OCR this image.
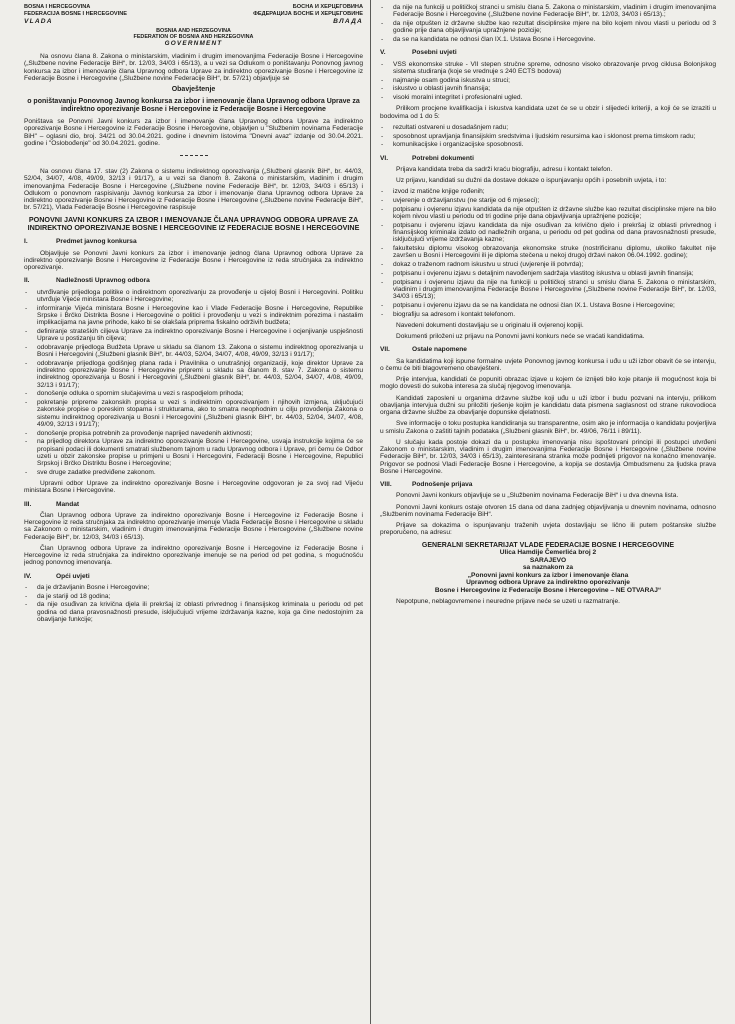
BOSNA I HERCEGOVINA
FEDERACIJA BOSNE I HERCEGOVINE
VLADA
БОСНА И ХЕРЦЕГОВИНА
ФЕДЕРАЦИЈА БОСНЕ И ХЕРЦЕГОВИНЕ
ВЛАДА
BOSNIA AND HERZEGOVINA
FEDERATION OF BOSNIA AND HERZEGOVINA
GOVERNMENT

Na osnovu člana 8. Zakona o ministarskim, vladinim i drugim imenovanjima Federacije Bosne i Hercegovine („Službene novine Federacije BiH“, br. 12/03, 34/03 i 65/13), a u vezi sa Odlukom o poništavanju Ponovnog javnog konkursa za izbor i imenovanje člana Upravnog odbora Uprave za indirektno oporezivanje Bosne i Hercegovine iz Federacije Bosne i Hercegovine („Službene novine Federacije BiH“, br. 57/21) objavljuje se

Obavještenje
o poništavanju Ponovnog Javnog konkursa za izbor i imenovanje člana Upravnog odbora Uprave za indirektno oporezivanje Bosne i Hercegovine iz Federacije Bosne i Hercegovine

Poništava se Ponovni Javni konkurs za izbor i imenovanje člana Upravnog odbora Uprave za indirektno oporezivanje Bosne i Hercegovine iz Federacije Bosne i Hercegovine, objavljen u "Službenim novinama Federacije BiH" – oglasni dio, broj. 34/21 od 30.04.2021. godine i dnevnim listovima "Dnevni avaz" izdanje od 30.04.2021. godine i "Oslobođenje" od 30.04.2021. godine.

Na osnovu člana 17. stav (2) Zakona o sistemu indirektnog oporezivanja („Službeni glasnik BiH“, br. 44/03, 52/04, 34/07, 4/08, 49/09, 32/13 i 91/17), a u vezi sa članom 8. Zakona o ministarskim, vladinim i drugim imenovanjima Federacije Bosne i Hercegovine („Službene novine Federacije BiH“, br. 12/03, 34/03 i 65/13) i Odlukom o ponovnom raspisivanju Javnog konkursa za izbor i imenovanje člana Upravnog odbora Uprave za indirektno oporezivanje Bosne i Hercegovine iz Federacije Bosne i Hercegovine („Službene novine Federacije BiH“, br. 57/21), Vlada Federacije Bosne i Hercegovine raspisuje

PONOVNI JAVNI KONKURS ZA IZBOR I IMENOVANJE ČLANA UPRAVNOG ODBORA UPRAVE ZA INDIREKTNO OPOREZIVANJE BOSNE I HERCEGOVINE IZ FEDERACIJE BOSNE I HERCEGOVINE
I.	Predmet javnog konkursa

Objavljuje se Ponovni Javni konkurs za izbor i imenovanje jednog člana Upravnog odbora Uprave za indirektno oporezivanje Bosne i Hercegovine iz Federacije Bosne i Hercegovine iz reda stručnjaka za indirektno oporezivanje.

II.	Nadležnosti Upravnog odbora
- utvrđivanje prijedloga politike o indirektnom oporezivanju za provođenje u cijeloj Bosni i Hercegovini. Politiku utvrđuje Vijeće ministara Bosne i Hercegovine;
- informiranje Vijeća ministara Bosne i Hercegovine kao i Vlade Federacije Bosne i Hercegovine, Republike Srpske i Brčko Distrikta Bosne i Hercegovine o politici i provođenju u vezi s indirektnim porezima i nastalim implikacijama na javne prihode, kako bi se olakšala priprema fiskalno održivih budžeta;
- definiranje strateških ciljeva Uprave za indirektno oporezivanje Bosne i Hercegovine i ocjenjivanje uspješnosti Uprave u postizanju tih ciljeva;
- odobravanje prijedloga Budžeta Uprave u skladu sa članom 13. Zakona o sistemu indirektnog oporezivanja u Bosni i Hercegovini („Službeni glasnik BiH“, br. 44/03, 52/04, 34/07, 4/08, 49/09, 32/13 i 91/17);
- odobravanje prijedloga godišnjeg plana rada i Pravilnika o unutrašnjoj organizaciji, koje direktor Uprave za indirektno oporezivanje Bosne i Hercegovine pripremi u skladu sa članom 8. stav 7. Zakona o sistemu indirektnog oporezivanja u Bosni i Hercegovini („Službeni glasnik BiH“, br. 44/03, 52/04, 34/07, 4/08, 49/09, 32/13 i 91/17);
- donošenje odluka o spornim slučajevima u vezi s raspodjelom prihoda;
- pokretanje pripreme zakonskih propisa u vezi s indirektnim oporezivanjem i njihovih izmjena, uključujući zakonske propise o poreskim stopama i strukturama, ako to smatra neophodnim u cilju provođenja Zakona o sistemu indirektnog oporezivanja u Bosni i Hercegovini („Službeni glasnik BiH“, br. 44/03, 52/04, 34/07, 4/08, 49/09, 32/13 i 91/17);
- donošenje propisa potrebnih za provođenje naprijed navedenih aktivnosti;
- na prijedlog direktora Uprave za indirektno oporezivanje Bosne i Hercegovine, usvaja instrukcije kojima će se propisani podaci ili dokumenti smatrati službenom tajnom u radu Upravnog odbora i Uprave, pri čemu će Odbor uzeti u obzir zakonske propise u primjeni u Bosni i Hercegovini, Federaciji Bosne i Hercegovine, Republici Srpskoj i Brčko Distriktu Bosne i Hercegovine;
- sve druge zadatke predviđene zakonom.

Upravni odbor Uprave za indirektno oporezivanje Bosne i Hercegovine odgovoran je za svoj rad Vijeću ministara Bosne i Hercegovine.

III.	Mandat

Član Upravnog odbora Uprave za indirektno oporezivanje Bosne i Hercegovine iz Federacije Bosne i Hercegovine iz reda stručnjaka za indirektno oporezivanje imenuje Vlada Federacije Bosne i Hercegovine u skladu sa Zakonom o ministarskim, vladinim i drugim imenovanjima Federacije Bosne i Hercegovine („Službene novine Federacije BiH“, br. 12/03, 34/03 i 65/13).

Član Upravnog odbora Uprave za indirektno oporezivanje Bosne i Hercegovine iz Federacije Bosne i Hercegovine iz reda stručnjaka za indirektno oporezivanje imenuje se na period od pet godina, s mogućnošću jednog ponovnog imenovanja.

IV.	Opći uvjeti
- da je državljanin Bosne i Hercegovine;
- da je stariji od 18 godina;
- da nije osuđivan za krivična djela ili prekršaj iz oblasti privrednog i finansijskog kriminala u periodu od pet godina od dana pravosnažnosti presude, isključujući vrijeme izdržavanja kazne, koja ga čine nedostojnim za obavljanje funkcije;
- da nije na funkciji u političkoj stranci u smislu člana 5. Zakona o ministarskim, vladinim i drugim imenovanjima Federacije Bosne i Hercegovine („Službene novine Federacije BiH“, br. 12/03, 34/03 i 65/13).;
- da nije otpušten iz državne službe kao rezultat disciplinske mjere na bilo kojem nivou vlasti u periodu od 3 godine prije dana objavljivanja upražnjene pozicije;
- da se na kandidata ne odnosi član IX.1. Ustava Bosne i Hercegovine.
V.	Posebni uvjeti
- VSS ekonomske struke - VII stepen stručne spreme, odnosno visoko obrazovanje prvog ciklusa Bolonjskog sistema studiranja (koje se vrednuje s 240 ECTS bodova)
- najmanje osam godina iskustva u struci;
- iskustvo u oblasti javnih finansija;
- visoki moralni integritet i profesionalni ugled.

Prilikom procjene kvalifikacija i iskustva kandidata uzet će se u obzir i slijedeći kriteriji, a koji će se izraziti u bodovima od 1 do 5:

- rezultati ostvareni u dosadašnjem radu;
- sposobnost upravljanja finansijskim sredstvima i ljudskim resursima kao i sklonost prema timskom radu;
- komunikacijske i organizacijske sposobnosti.
VI.	Potrebni dokumenti

Prijava kandidata treba da sadrži kraću biografiju, adresu i kontakt telefon.

Uz prijavu, kandidati su dužni da dostave dokaze o ispunjavanju općih i posebnih uvjeta, i to:

- izvod iz matične knjige rođenih;
- uvjerenje o državljanstvu (ne starije od 6 mjeseci);
- potpisanu i ovjerenu izjavu kandidata da nije otpušten iz državne službe kao rezultat disciplinske mjere na bilo kojem nivou vlasti u periodu od tri godine prije dana objavljivanja upražnjene pozicije;
- potpisanu i ovjerenu izjavu kandidata da nije osuđivan za krivično djelo i prekršaj iz oblasti privrednog i finansijskog kriminala izdato od nadležnih organa, u periodu od pet godina od dana pravosnažnosti presude, isključujući vrijeme izdržavanja kazne;
- fakultetsku diplomu visokog obrazovanja ekonomske struke (nostrificiranu diplomu, ukoliko fakultet nije završen u Bosni i Hercegovini ili je diploma stečena u nekoj drugoj državi nakon 06.04.1992. godine);
- dokaz o traženom radnom iskustvu u struci (uvjerenje ili potvrda);
- potpisanu i ovjerenu izjavu s detaljnim navođenjem sadržaja vlastitog iskustva u oblasti javnih finansija;
- potpisanu i ovjerenu izjavu da nije na funkciji u političkoj stranci u smislu člana 5. Zakona o ministarskim, vladinim i drugim imenovanjima Federacije Bosne i Hercegovine („Službene novine Federacije BiH“, br. 12/03, 34/03 i 65/13);
- potpisanu i ovjerenu izjavu da se na kandidata ne odnosi član IX.1. Ustava Bosne i Hercegovine;
- biografiju sa adresom i kontakt telefonom.

Navedeni dokumenti dostavljaju se u originalu ili ovjerenoj kopiji.

Dokumenti priloženi uz prijavu na Ponovni javni konkurs neće se vraćati kandidatima.

VII.	Ostale napomene

Sa kandidatima koji ispune formalne uvjete Ponovnog javnog konkursa i uđu u uži izbor obavit će se intervju, o čemu će biti blagovremeno obavještenі.

Prije intervjua, kandidati će popuniti obrazac izjave u kojem će iznijeti bilo koje pitanje ili mogućnost koja bi moglo dovesti do sukoba interesa za slučaj njegovog imenovanja.

Kandidati zaposleni u organima državne službe koji uđu u uži izbor i budu pozvani na intervju, prilikom obavljanja intervjua dužni su priložiti rješenje kojim je kandidatu data pismena saglasnost od strane rukovodioca organa državne službe za obavljanje dopunske djelatnosti.

Sve informacije o toku postupka kandidiranja su transparentne, osim ako je informacija o kandidatu povjerljiva u smislu Zakona o zaštiti tajnih podataka („Službeni glasnik BiH“, br. 49/06, 76/11 i 89/11).

U slučaju kada postoje dokazi da u postupku imenovanja nisu ispoštovani principi ili postupci utvrđeni Zakonom o ministarskim, vladinim i drugim imenovanjima Federacije Bosne i Hercegovine („Službene novine Federacije BiH“, br. 12/03, 34/03 i 65/13), zainteresirana stranka može podnijeti prigovor na konačno imenovanje. Prigovor se podnosi Vladi Federacije Bosne i Hercegovine, a kopija se dostavlja Ombudsmenu za ljudska prava Bosne i Hercegovine.

VIII.	Podnošenje prijava

Ponovni Javni konkurs objavljuje se u „Službenim novinama Federacije BiH“ i u dva dnevna lista.

Ponovni Javni konkurs ostaje otvoren 15 dana od dana zadnjeg objavljivanja u dnevnim novinama, odnosno „Službenim novinama Federacije BiH“.

Prijave sa dokazima o ispunjavanju traženih uvjeta dostavljaju se lično ili putem poštanske službe preporučeno, na adresu:

GENERALNI SEKRETARIJAT VLADE FEDERACIJE BOSNE I HERCEGOVINE
Ulica Hamdije Čemerlića broj 2
SARAJEVO
sa naznakom za
„Ponovni javni konkurs za izbor i imenovanje člana
Upravnog odbora Uprave za indirektno oporezivanje
Bosne i Hercegovine iz Federacije Bosne i Hercegovine – NE OTVARAJ“

Nepotpune, neblagovremene i neuredne prijave neće se uzeti u razmatranje.
